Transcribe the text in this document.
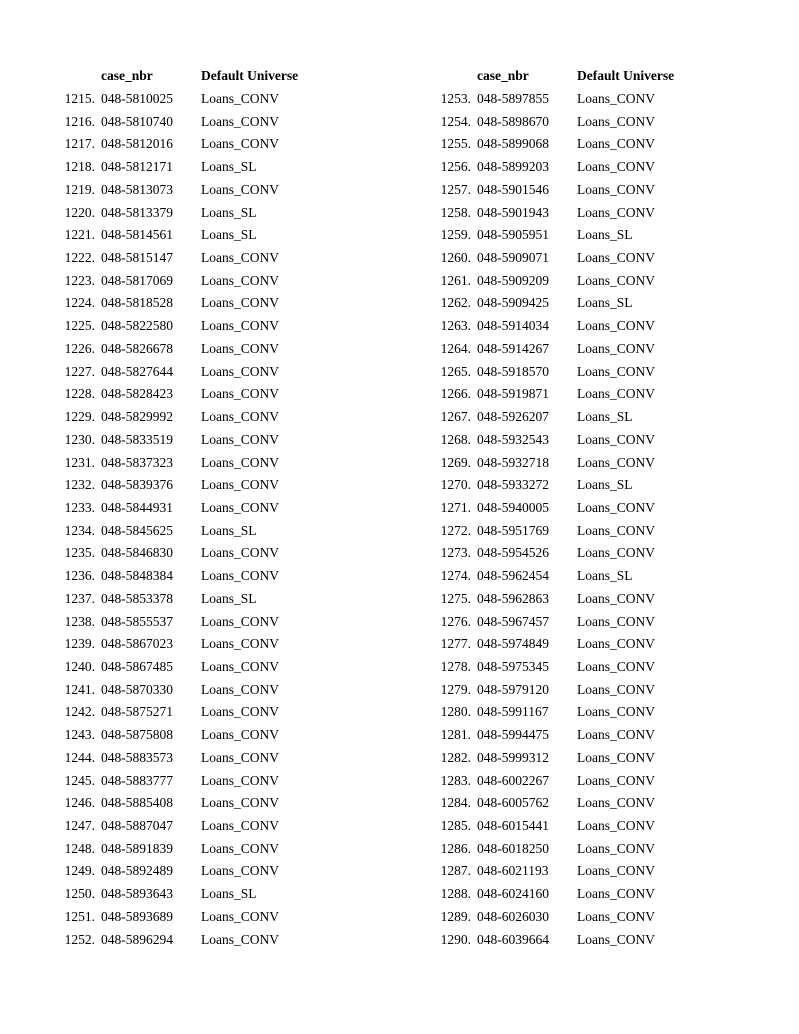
case_nbr	Default Universe
1215. 048-5810025 Loans_CONV
1216. 048-5810740 Loans_CONV
1217. 048-5812016 Loans_CONV
1218. 048-5812171 Loans_SL
1219. 048-5813073 Loans_CONV
1220. 048-5813379 Loans_SL
1221. 048-5814561 Loans_SL
1222. 048-5815147 Loans_CONV
1223. 048-5817069 Loans_CONV
1224. 048-5818528 Loans_CONV
1225. 048-5822580 Loans_CONV
1226. 048-5826678 Loans_CONV
1227. 048-5827644 Loans_CONV
1228. 048-5828423 Loans_CONV
1229. 048-5829992 Loans_CONV
1230. 048-5833519 Loans_CONV
1231. 048-5837323 Loans_CONV
1232. 048-5839376 Loans_CONV
1233. 048-5844931 Loans_CONV
1234. 048-5845625 Loans_SL
1235. 048-5846830 Loans_CONV
1236. 048-5848384 Loans_CONV
1237. 048-5853378 Loans_SL
1238. 048-5855537 Loans_CONV
1239. 048-5867023 Loans_CONV
1240. 048-5867485 Loans_CONV
1241. 048-5870330 Loans_CONV
1242. 048-5875271 Loans_CONV
1243. 048-5875808 Loans_CONV
1244. 048-5883573 Loans_CONV
1245. 048-5883777 Loans_CONV
1246. 048-5885408 Loans_CONV
1247. 048-5887047 Loans_CONV
1248. 048-5891839 Loans_CONV
1249. 048-5892489 Loans_CONV
1250. 048-5893643 Loans_SL
1251. 048-5893689 Loans_CONV
1252. 048-5896294 Loans_CONV
case_nbr	Default Universe
1253. 048-5897855 Loans_CONV
1254. 048-5898670 Loans_CONV
1255. 048-5899068 Loans_CONV
1256. 048-5899203 Loans_CONV
1257. 048-5901546 Loans_CONV
1258. 048-5901943 Loans_CONV
1259. 048-5905951 Loans_SL
1260. 048-5909071 Loans_CONV
1261. 048-5909209 Loans_CONV
1262. 048-5909425 Loans_SL
1263. 048-5914034 Loans_CONV
1264. 048-5914267 Loans_CONV
1265. 048-5918570 Loans_CONV
1266. 048-5919871 Loans_CONV
1267. 048-5926207 Loans_SL
1268. 048-5932543 Loans_CONV
1269. 048-5932718 Loans_CONV
1270. 048-5933272 Loans_SL
1271. 048-5940005 Loans_CONV
1272. 048-5951769 Loans_CONV
1273. 048-5954526 Loans_CONV
1274. 048-5962454 Loans_SL
1275. 048-5962863 Loans_CONV
1276. 048-5967457 Loans_CONV
1277. 048-5974849 Loans_CONV
1278. 048-5975345 Loans_CONV
1279. 048-5979120 Loans_CONV
1280. 048-5991167 Loans_CONV
1281. 048-5994475 Loans_CONV
1282. 048-5999312 Loans_CONV
1283. 048-6002267 Loans_CONV
1284. 048-6005762 Loans_CONV
1285. 048-6015441 Loans_CONV
1286. 048-6018250 Loans_CONV
1287. 048-6021193 Loans_CONV
1288. 048-6024160 Loans_CONV
1289. 048-6026030 Loans_CONV
1290. 048-6039664 Loans_CONV
